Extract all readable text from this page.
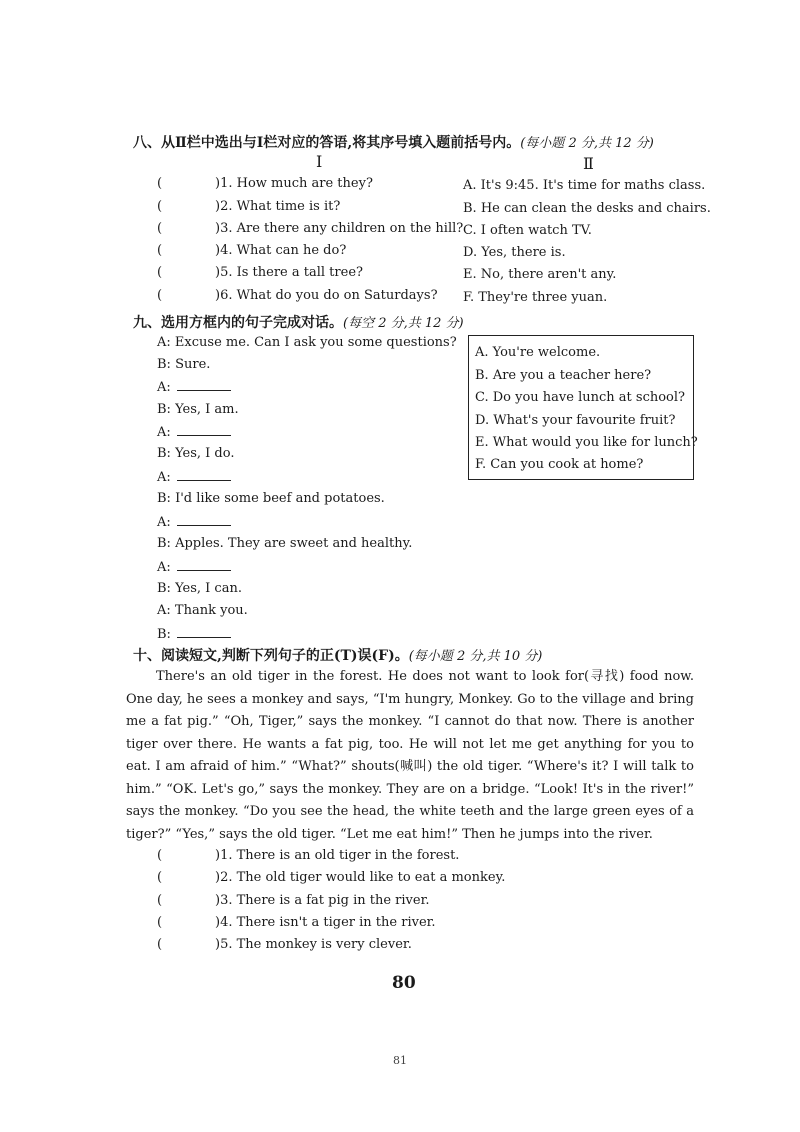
八、从Ⅱ栏中选出与Ⅰ栏对应的答语,将其序号填入题前括号内。(每小题 2 分,共 12 分)
Ⅰ	Ⅱ
(	)1. How much are they?
(	)2. What time is it?
(	)3. Are there any children on the hill?
(	)4. What can he do?
(	)5. Is there a tall tree?
(	)6. What do you do on Saturdays?
A. It's 9:45. It's time for maths class.
B. He can clean the desks and chairs.
C. I often watch TV.
D. Yes, there is.
E. No, there aren't any.
F. They're three yuan.
九、选用方框内的句子完成对话。(每空 2 分,共 12 分)
A: Excuse me. Can I ask you some questions?
B: Sure.
A:
B: Yes, I am.
A:
B: Yes, I do.
A:
B: I'd like some beef and potatoes.
A:
B: Apples. They are sweet and healthy.
A:
B: Yes, I can.
A: Thank you.
B:
A. You're welcome.
B. Are you a teacher here?
C. Do you have lunch at school?
D. What's your favourite fruit?
E. What would you like for lunch?
F. Can you cook at home?
十、阅读短文,判断下列句子的正(T)误(F)。(每小题 2 分,共 10 分)

There's an old tiger in the forest. He does not want to look for(寻找) food now. One day, he sees a monkey and says, “I'm hungry, Monkey. Go to the village and bring me a fat pig.” “Oh, Tiger,” says the monkey. “I cannot do that now. There is another tiger over there. He wants a fat pig, too. He will not let me get anything for you to eat. I am afraid of him.” “What?” shouts(喊叫) the old tiger. “Where's it? I will talk to him.” “OK. Let's go,” says the monkey. They are on a bridge. “Look! It's in the river!” says the monkey. “Do you see the head, the white teeth and the large green eyes of a tiger?” “Yes,” says the old tiger. “Let me eat him!” Then he jumps into the river.

(	)1. There is an old tiger in the forest.
(	)2. The old tiger would like to eat a monkey.
(	)3. There is a fat pig in the river.
(	)4. There isn't a tiger in the river.
(	)5. The monkey is very clever.
80
81
